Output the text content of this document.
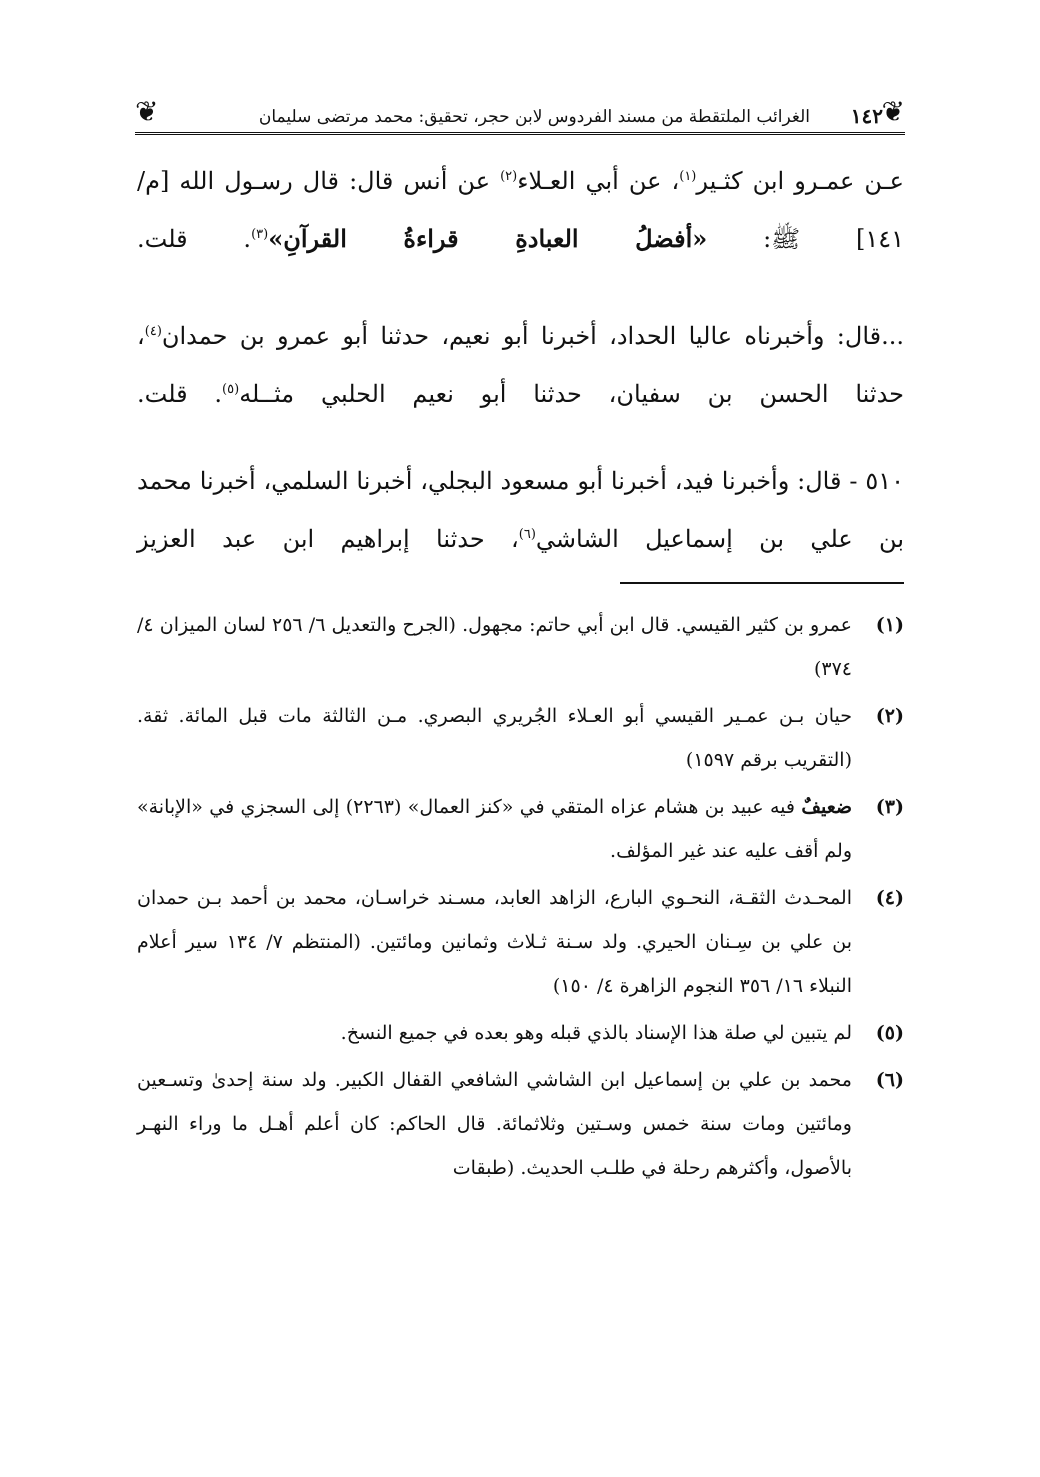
❦
١٤٢
الغرائب الملتقطة من مسند الفردوس لابن حجر، تحقيق: محمد مرتضى سليمان
❦

عـن عمـرو ابن كثـير$^{(١)}$، عن أبي العـلاء$^{(٢)}$ عن أنس قال: قال رسـول الله [م/ ١٤١] ﷺ: «أفضلُ العبادةِ قراءةُ القرآنِ»$^{(٣)}$. قلت.

...قال: وأخبرناه عاليا الحداد، أخبرنا أبو نعيم، حدثنا أبو عمرو بن حمدان$^{(٤)}$، حدثنا الحسن بن سفيان، حدثنا أبو نعيم الحلبي مثــله$^{(٥)}$. قلت.

٥١٠ - قال: وأخبرنا فيد، أخبرنا أبو مسعود البجلي، أخبرنا السلمي، أخبرنا محمد بن علي بن إسماعيل الشاشي$^{(٦)}$، حدثنا إبراهيم ابن عبد العزيز

(١)
عمرو بن كثير القيسي. قال ابن أبي حاتم: مجهول. (الجرح والتعديل ٦/ ٢٥٦ لسان الميزان ٤/ ٣٧٤)
(٢)
حيان بـن عمـير القيسي أبو العـلاء الجُريري البصري. مـن الثالثة مات قبل المائة. ثقة. (التقريب برقم ١٥٩٧)
(٣)
ضعيفٌ فيه عبيد بن هشام عزاه المتقي في «كنز العمال» (٢٢٦٣) إلى السجزي في «الإبانة» ولم أقف عليه عند غير المؤلف.
(٤)
المحـدث الثقـة، النحـوي البارع، الزاهد العابد، مسـند خراسـان، محمد بن أحمد بـن حمدان بن علي بن سِـنان الحيري. ولد سـنة ثـلاث وثمانين ومائتين. (المنتظم ٧/ ١٣٤ سير أعلام النبلاء ١٦/ ٣٥٦ النجوم الزاهرة ٤/ ١٥٠)
(٥)
لم يتبين لي صلة هذا الإسناد بالذي قبله وهو بعده في جميع النسخ.
(٦)
محمد بن علي بن إسماعيل ابن الشاشي الشافعي القفال الكبير. ولد سنة إحدىٰ وتسـعين ومائتين ومات سنة خمس وسـتين وثلاثمائة. قال الحاكم: كان أعلم أهـل ما وراء النهـر بالأصول، وأكثرهم رحلة في طلـب الحديث. (طبقات
